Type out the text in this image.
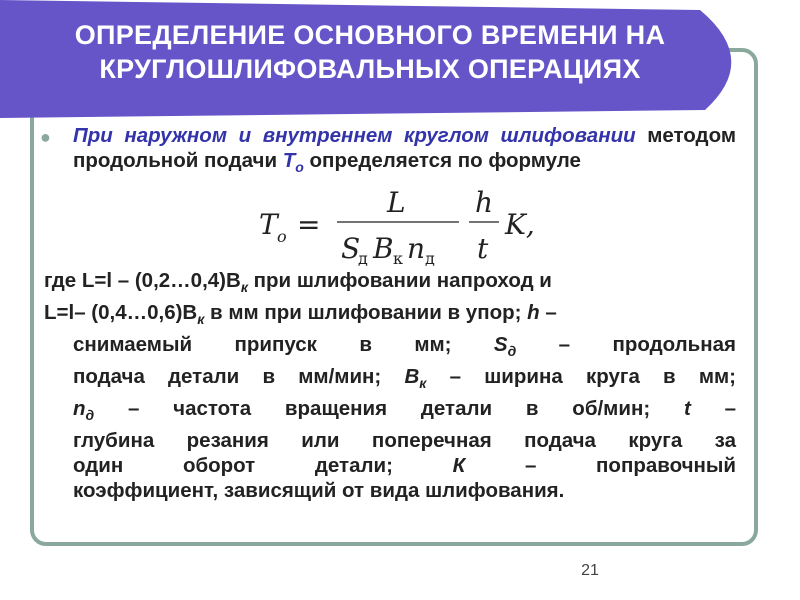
ОПРЕДЕЛЕНИЕ ОСНОВНОГО ВРЕМЕНИ НА
КРУГЛОШЛИФОВАЛЬНЫХ ОПЕРАЦИЯХ
● При наружном и внутреннем круглом шлифовании методом продольной подачи $Т_о$ определяется по формуле
T o =
L
S
д B к n д
h
t
K,
где $L=l - (0,2\dots 0,4)В_к$ при шлифовании напроход и
L=l– $(0,4\dots 0,6)В_к$ в мм при шлифовании в упор; h –
снимаемый припуск в мм; $S_д$ – продольная
подача детали в мм/мин; $В_к$ – ширина круга в мм;
$n_д$ – частота вращения детали в об/мин; t –
глубина резания или поперечная подача круга за
один оборот детали; К – поправочный
коэффициент, зависящий от вида шлифования.
21
